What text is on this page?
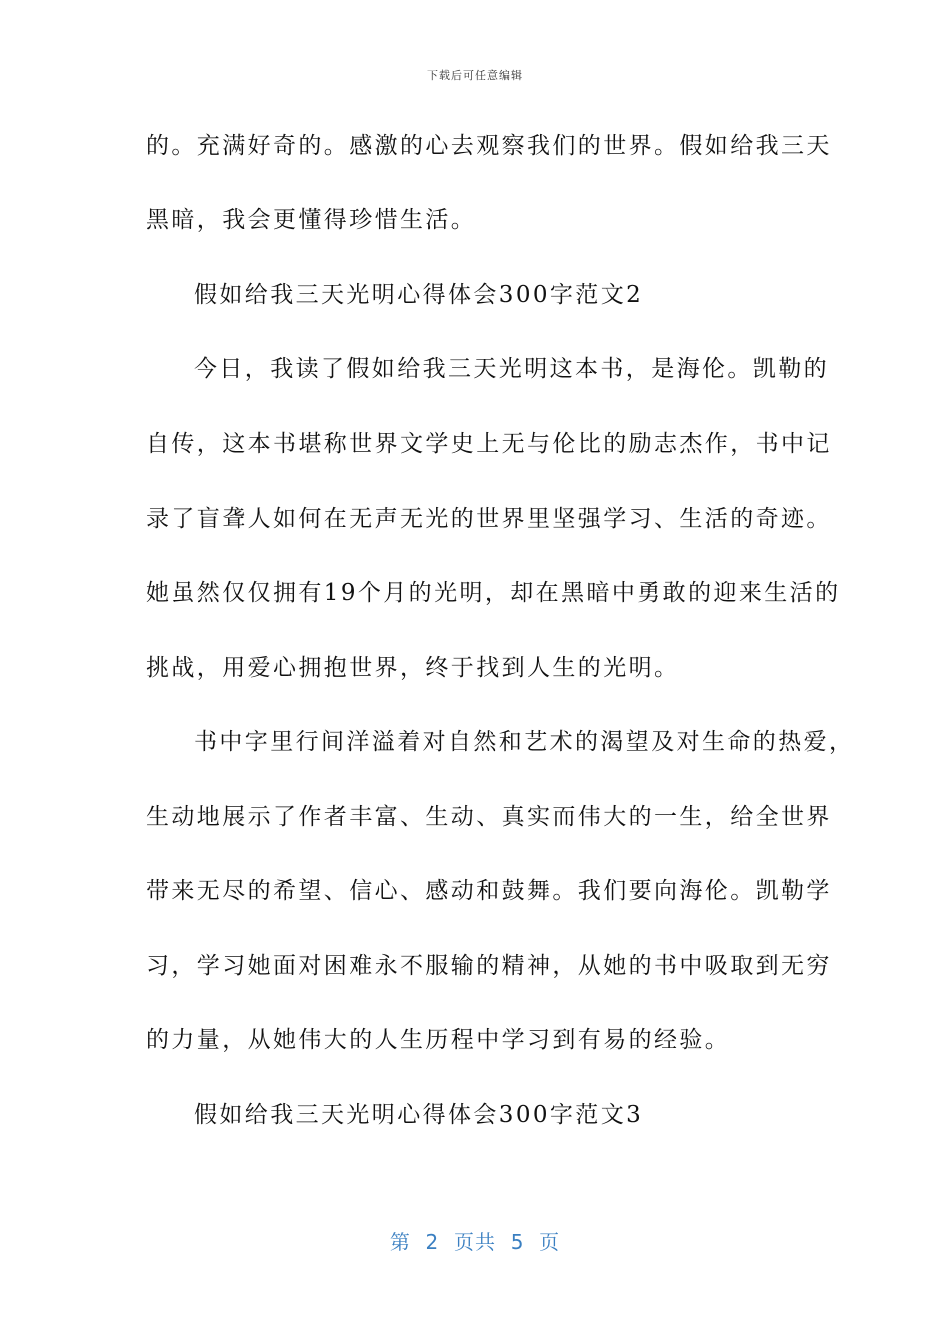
下载后可任意编辑
的。充满好奇的。感激的心去观察我们的世界。假如给我三天
黑暗，我会更懂得珍惜生活。
假如给我三天光明心得体会300字范文2
今日，我读了假如给我三天光明这本书，是海伦。凯勒的
自传，这本书堪称世界文学史上无与伦比的励志杰作，书中记
录了盲聋人如何在无声无光的世界里坚强学习、生活的奇迹。
她虽然仅仅拥有19个月的光明，却在黑暗中勇敢的迎来生活的
挑战，用爱心拥抱世界，终于找到人生的光明。
书中字里行间洋溢着对自然和艺术的渴望及对生命的热爱，
生动地展示了作者丰富、生动、真实而伟大的一生，给全世界
带来无尽的希望、信心、感动和鼓舞。我们要向海伦。凯勒学
习，学习她面对困难永不服输的精神，从她的书中吸取到无穷
的力量，从她伟大的人生历程中学习到有易的经验。
假如给我三天光明心得体会300字范文3
第  2  页共  5  页
